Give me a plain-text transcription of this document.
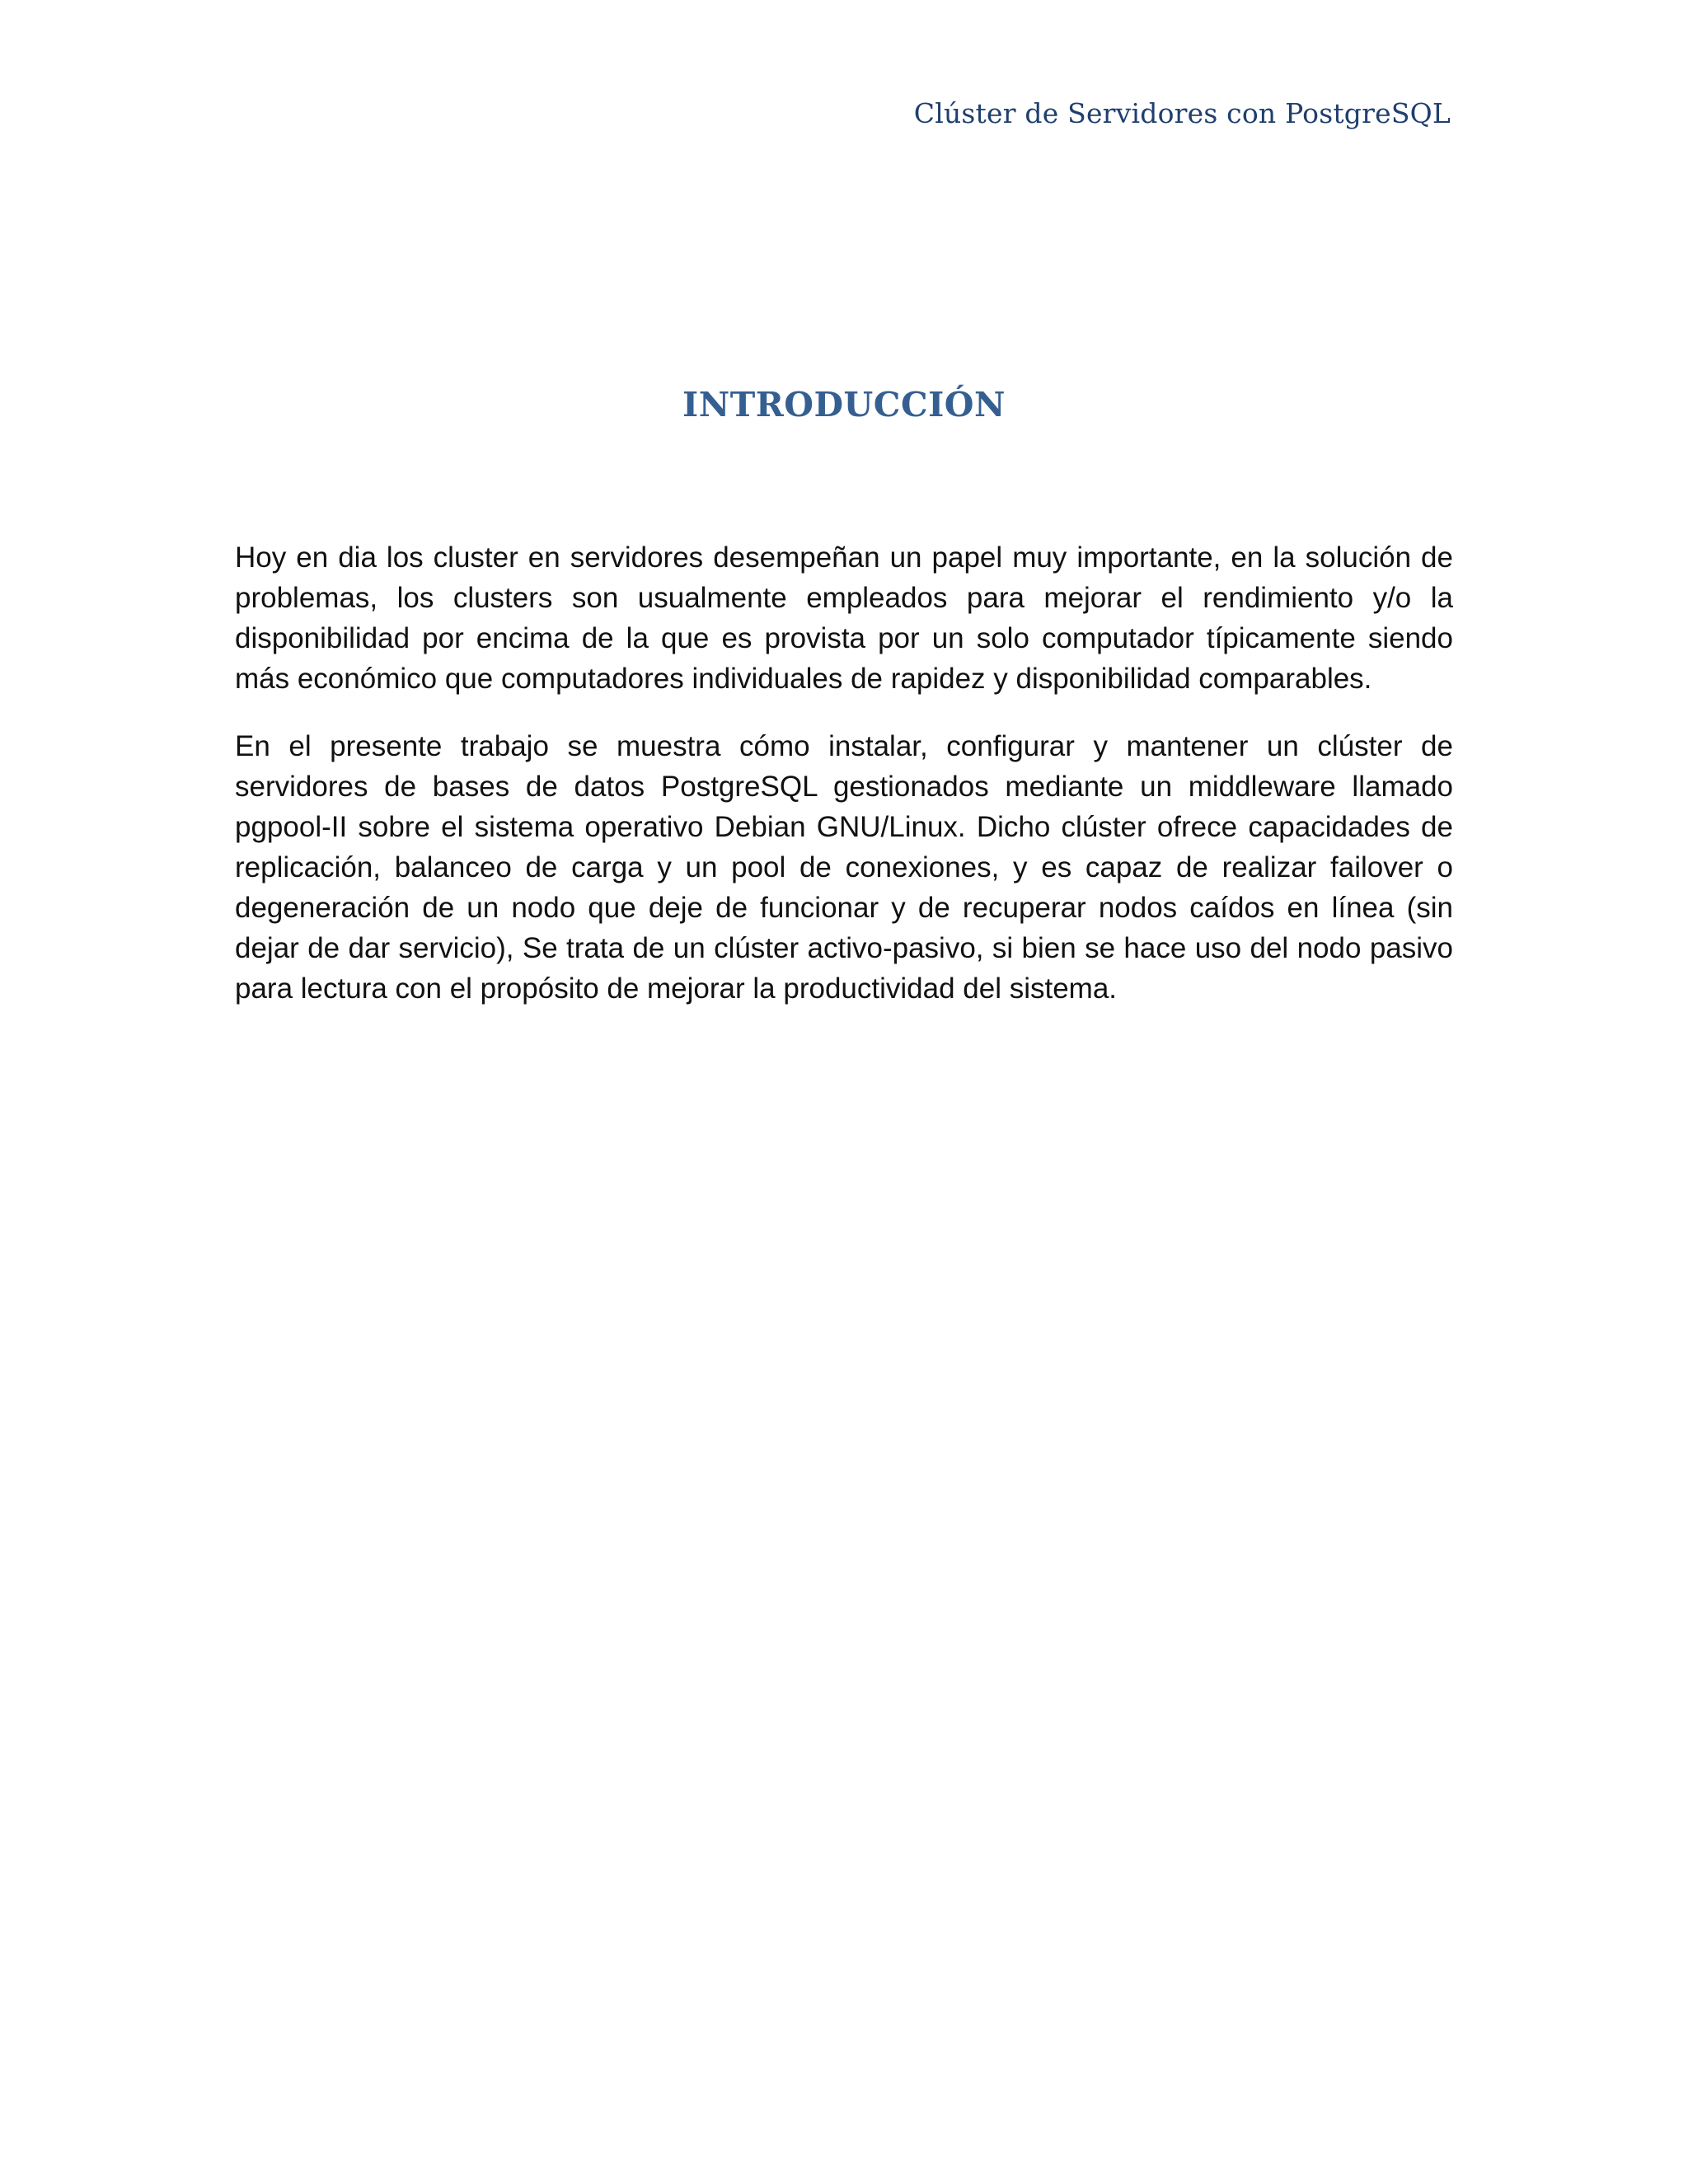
Clúster de Servidores con PostgreSQL
INTRODUCCIÓN

Hoy en dia los cluster en servidores desempeñan un papel muy importante, en la solución de problemas, los clusters son usualmente empleados para mejorar el rendimiento y/o la disponibilidad por encima de la que es provista por un solo computador típicamente siendo más económico que computadores individuales de rapidez y disponibilidad comparables.

En el presente trabajo se muestra cómo instalar, configurar y mantener un clúster de servidores de bases de datos PostgreSQL gestionados mediante un middleware llamado pgpool-II sobre el sistema operativo Debian GNU/Linux. Dicho clúster ofrece capacidades de replicación, balanceo de carga y un pool de conexiones, y es capaz de realizar failover o degeneración de un nodo que deje de funcionar y de recuperar nodos caídos en línea (sin dejar de dar servicio), Se trata de un clúster activo-pasivo, si bien se hace uso del nodo pasivo para lectura con el propósito de mejorar la productividad del sistema.
